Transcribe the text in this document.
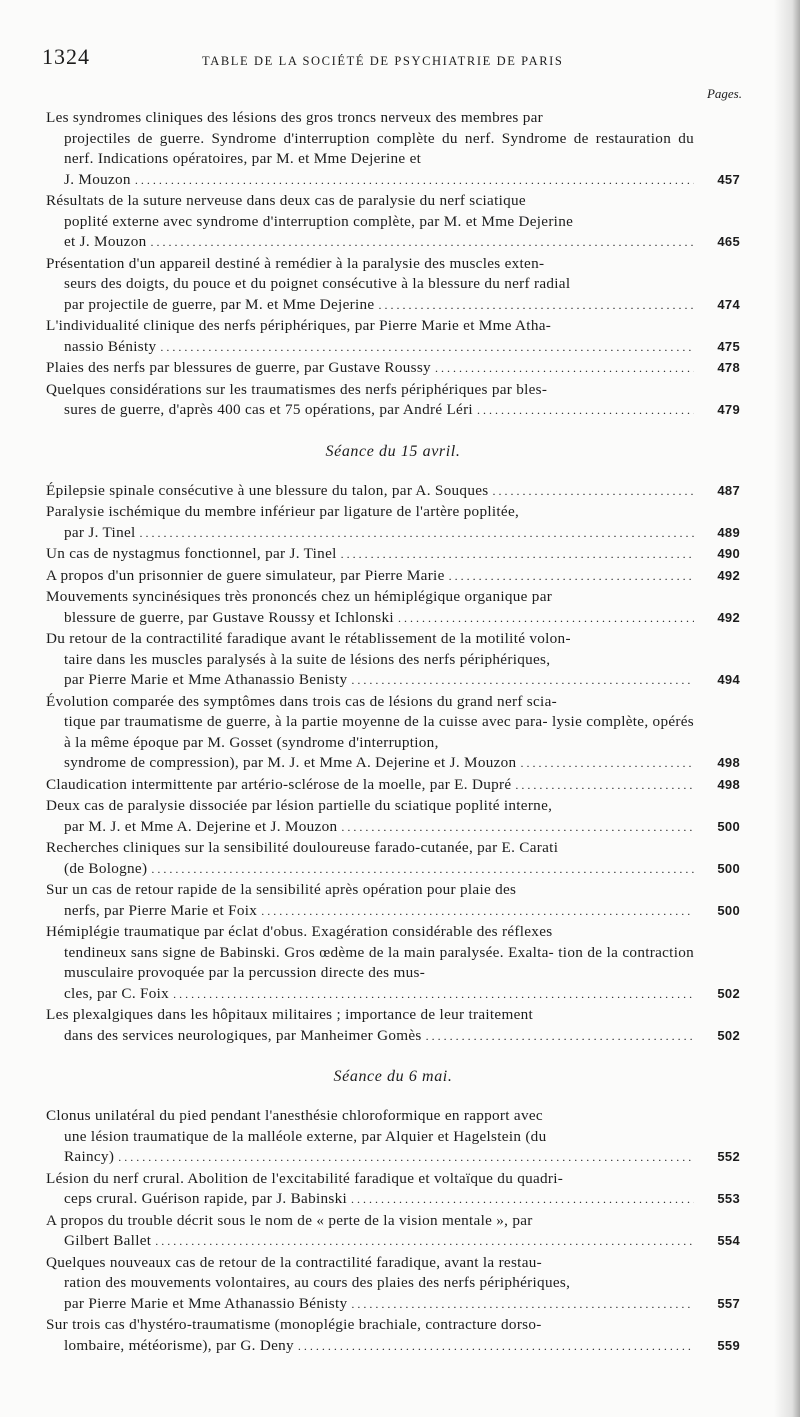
1324	TABLE DE LA SOCIÉTÉ DE PSYCHIATRIE DE PARIS
Pages.
Les syndromes cliniques des lésions des gros troncs nerveux des membres par
projectiles de guerre. Syndrome d'interruption complète du nerf. Syndrome de restauration du nerf. Indications opératoires, par M. et Mme Dejerine et
J. Mouzon .....	457
Résultats de la suture nerveuse dans deux cas de paralysie du nerf sciatique
poplité externe avec syndrome d'interruption complète, par M. et Mme Dejerine
et J. Mouzon .....	465
Présentation d'un appareil destiné à remédier à la paralysie des muscles exten-
seurs des doigts, du pouce et du poignet consécutive à la blessure du nerf radial
par projectile de guerre, par M. et Mme Dejerine .....	474
L'individualité clinique des nerfs périphériques, par Pierre Marie et Mme Atha-
nassio Bénisty .....	475
Plaies des nerfs par blessures de guerre, par Gustave Roussy .....	478
Quelques considérations sur les traumatismes des nerfs périphériques par bles-
sures de guerre, d'après 400 cas et 75 opérations, par André Léri .....	479
Séance du 15 avril.
Épilepsie spinale consécutive à une blessure du talon, par A. Souques .....	487
Paralysie ischémique du membre inférieur par ligature de l'artère poplitée,
par J. Tinel .....	489
Un cas de nystagmus fonctionnel, par J. Tinel .....	490
A propos d'un prisonnier de guere simulateur, par Pierre Marie .....	492
Mouvements syncinésiques très prononcés chez un hémiplégique organique par
blessure de guerre, par Gustave Roussy et Ichlonski .....	492
Du retour de la contractilité faradique avant le rétablissement de la motilité volon-
taire dans les muscles paralysés à la suite de lésions des nerfs périphériques,
par Pierre Marie et Mme Athanassio Benisty .....	494
Évolution comparée des symptômes dans trois cas de lésions du grand nerf scia-
tique par traumatisme de guerre, à la partie moyenne de la cuisse avec para- lysie complète, opérés à la même époque par M. Gosset (syndrome d'interruption,
syndrome de compression), par M. J. et Mme A. Dejerine et J. Mouzon .....	498
Claudication intermittente par artério-sclérose de la moelle, par E. Dupré .....	498
Deux cas de paralysie dissociée par lésion partielle du sciatique poplité interne,
par M. J. et Mme A. Dejerine et J. Mouzon .....	500
Recherches cliniques sur la sensibilité douloureuse farado-cutanée, par E. Carati
(de Bologne) .....	500
Sur un cas de retour rapide de la sensibilité après opération pour plaie des
nerfs, par Pierre Marie et Foix .....	500
Hémiplégie traumatique par éclat d'obus. Exagération considérable des réflexes
tendineux sans signe de Babinski. Gros œdème de la main paralysée. Exalta- tion de la contraction musculaire provoquée par la percussion directe des mus-
cles, par C. Foix .....	502
Les plexalgiques dans les hôpitaux militaires ; importance de leur traitement
dans des services neurologiques, par Manheimer Gomès .....	502
Séance du 6 mai.
Clonus unilatéral du pied pendant l'anesthésie chloroformique en rapport avec
une lésion traumatique de la malléole externe, par Alquier et Hagelstein (du
Raincy) .....	552
Lésion du nerf crural. Abolition de l'excitabilité faradique et voltaïque du quadri-
ceps crural. Guérison rapide, par J. Babinski .....	553
A propos du trouble décrit sous le nom de « perte de la vision mentale », par
Gilbert Ballet .....	554
Quelques nouveaux cas de retour de la contractilité faradique, avant la restau-
ration des mouvements volontaires, au cours des plaies des nerfs périphériques,
par Pierre Marie et Mme Athanassio Bénisty .....	557
Sur trois cas d'hystéro-traumatisme (monoplégie brachiale, contracture dorso-
lombaire, météorisme), par G. Deny .....	559
